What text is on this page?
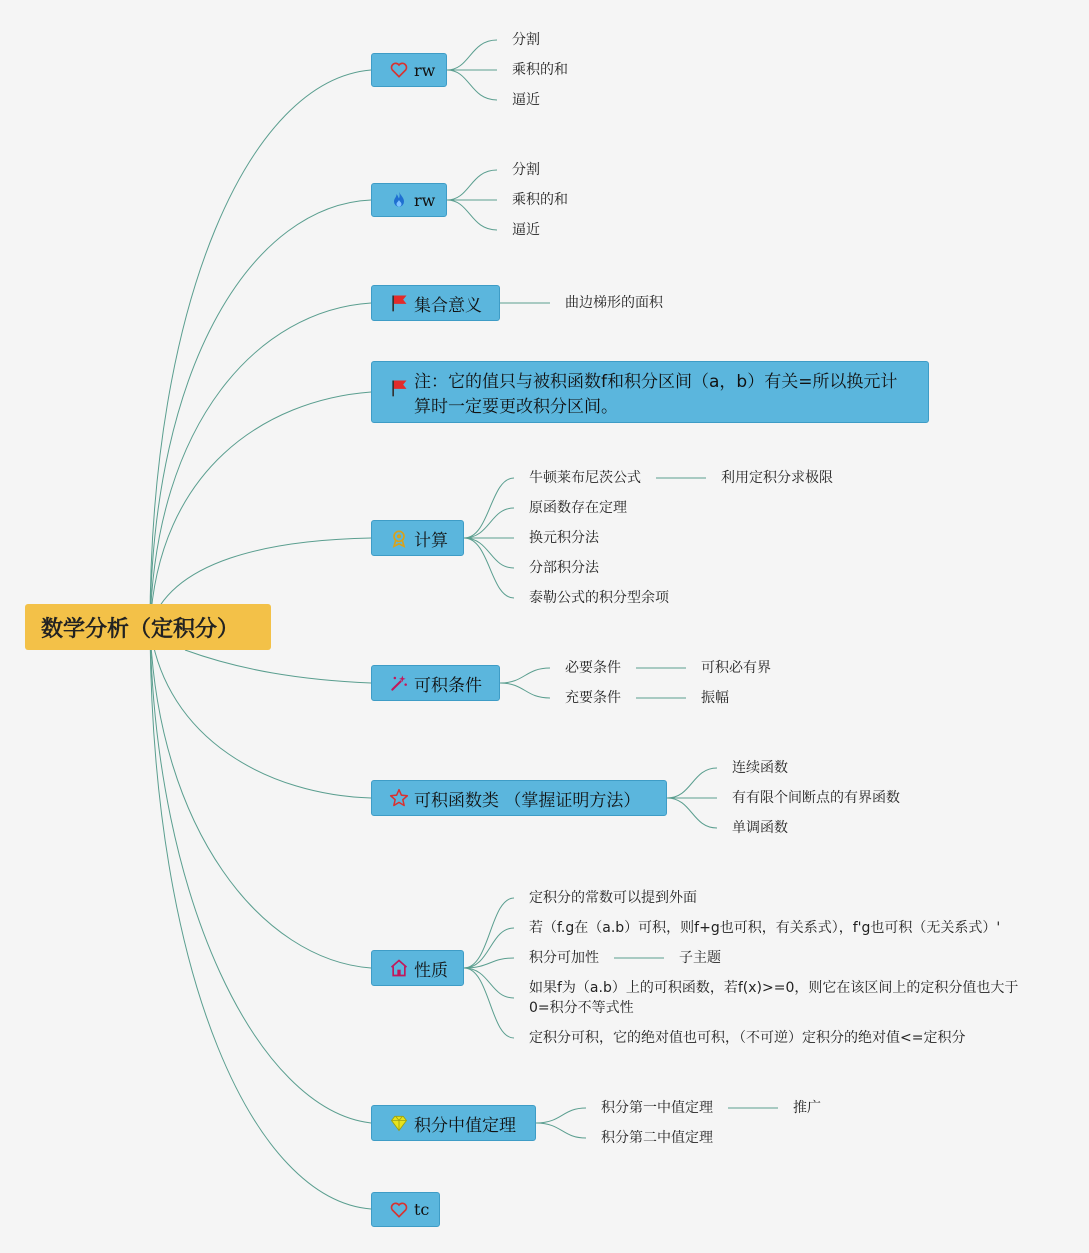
数学分析（定积分）
rw
分割
乘积的和
逼近
rw
分割
乘积的和
逼近
集合意义	曲边梯形的面积
注：它的值只与被积函数f和积分区间（a，b）有关=所以换元计算时一定要更改积分区间。
计算
牛顿莱布尼茨公式
原函数存在定理
换元积分法
分部积分法
泰勒公式的积分型余项
利用定积分求极限
可积条件
必要条件
充要条件
可积必有界
振幅
可积函数类 （掌握证明方法）
连续函数
有有限个间断点的有界函数
单调函数
性质
定积分的常数可以提到外面
若（f.g在（a.b）可积，则f+g也可积，有关系式），f'g也可积（无关系式）'
积分可加性
如果f为（a.b）上的可积函数，若f(x)>=0，则它在该区间上的定积分值也大于0=积分不等式性
定积分可积，它的绝对值也可积，（不可逆）定积分的绝对值<=定积分
子主题
积分中值定理
积分第一中值定理
积分第二中值定理
推广
tc
